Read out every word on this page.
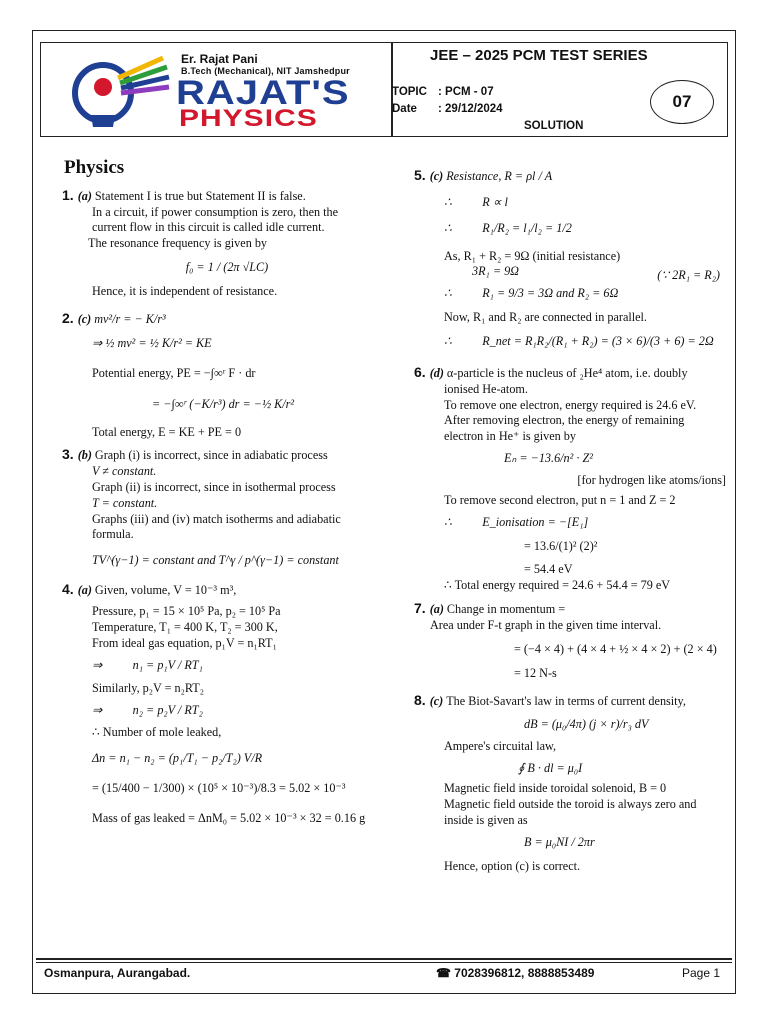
Er. Rajat Pani
B.Tech (Mechanical), NIT Jamshedpur
RAJAT'S
PHYSICS
JEE – 2025 PCM TEST SERIES
TOPIC : PCM - 07
Date : 29/12/2024
SOLUTION
07
Physics
1. (a) Statement I is true but Statement II is false.
In a circuit, if power consumption is zero, then the
current flow in this circuit is called idle current.
The resonance frequency is given by
f₀ = 1 / (2π √LC)
Hence, it is independent of resistance.
2. (c) mv²/r = − K/r³
⇒ ½ mv² = ½ K/r² = KE
Potential energy, PE = −∫∞ʳ F · dr
= −∫∞ʳ (−K/r³) dr = −½ K/r²
Total energy, E = KE + PE = 0
3. (b) Graph (i) is incorrect, since in adiabatic process
V ≠ constant.
Graph (ii) is incorrect, since in isothermal process
T = constant.
Graphs (iii) and (iv) match isotherms and adiabatic
formula.
TV^(γ−1) = constant and T^γ / p^(γ−1) = constant
4. (a) Given, volume, V = 10⁻³ m³,
Pressure, p₁ = 15 × 10⁵ Pa, p₂ = 10⁵ Pa
Temperature, T₁ = 400 K, T₂ = 300 K,
From ideal gas equation, p₁V = n₁RT₁
⇒          n₁ = p₁V / RT₁
Similarly, p₂V = n₂RT₂
⇒          n₂ = p₂V / RT₂
∴ Number of mole leaked,
Δn = n₁ − n₂ = (p₁/T₁ − p₂/T₂) V/R
= (15/400 − 1/300) × (10⁵ × 10⁻³)/8.3 = 5.02 × 10⁻³
Mass of gas leaked = ΔnM₀ = 5.02 × 10⁻³ × 32 = 0.16 g
5. (c) Resistance, R = ρl / A
∴          R ∝ l
∴          R₁/R₂ = l₁/l₂ = 1/2
As, R₁ + R₂ = 9Ω (initial resistance)
3R₁ = 9Ω	(∵ 2R₁ = R₂)
∴          R₁ = 9/3 = 3Ω and R₂ = 6Ω
Now, R₁ and R₂ are connected in parallel.
∴          R_net = R₁R₂/(R₁ + R₂) = (3 × 6)/(3 + 6) = 2Ω
6. (d) α-particle is the nucleus of ₂He⁴ atom, i.e. doubly
ionised He-atom.
To remove one electron, energy required is 24.6 eV.
After removing electron, the energy of remaining
electron in He⁺ is given by
Eₙ = −13.6/n² · Z²
[for hydrogen like atoms/ions]
To remove second electron, put n = 1 and Z = 2
∴          E_ionisation = −[E₁]
= 13.6/(1)² (2)²
= 54.4 eV
∴ Total energy required = 24.6 + 54.4 = 79 eV
7. (a) Change in momentum =
Area under F-t graph in the given time interval.
= (−4 × 4) + (4 × 4 + ½ × 4 × 2) + (2 × 4)
= 12 N-s
8. (c) The Biot-Savart's law in terms of current density,
dB = (μ₀/4π) (j × r)/r₃ dV
Ampere's circuital law,
∮ B · dl = μ₀I
Magnetic field inside toroidal solenoid, B = 0
Magnetic field outside the toroid is always zero and
inside is given as
B = μ₀NI / 2πr
Hence, option (c) is correct.
Osmanpura, Aurangabad.	☎ 7028396812, 8888853489	Page 1
